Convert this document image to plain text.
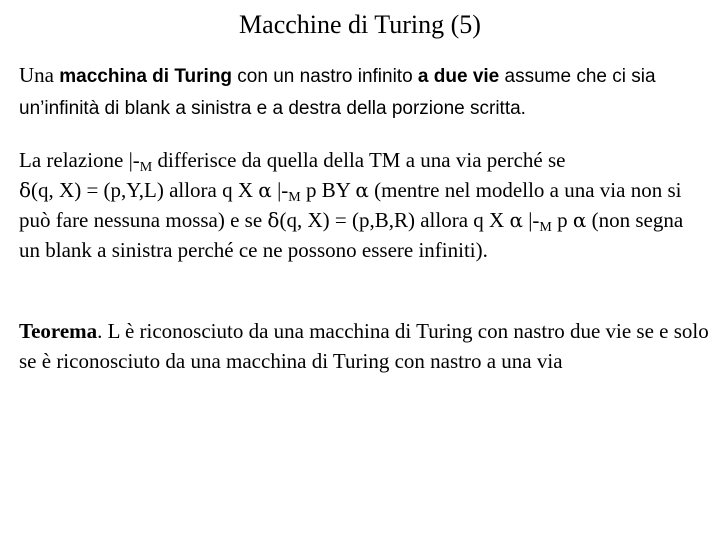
Macchine di Turing (5)

Una macchina di Turing con un nastro infinito a due vie assume che ci sia un’infinità di blank a sinistra e a destra della porzione scritta.

La relazione $|-_M$ differisce da quella della TM a una via perché se
δ(q, X) = (p,Y,L) allora q X α $|-_M$ p BY α (mentre nel modello a una via non si può fare nessuna mossa) e se δ(q, X) = (p,B,R) allora q X α $|-_M$ p α (non segna un blank a sinistra perché ce ne possono essere infiniti).

Teorema. L è riconosciuto da una macchina di Turing con nastro due vie se e solo se è riconosciuto da una macchina di Turing con nastro a una via
